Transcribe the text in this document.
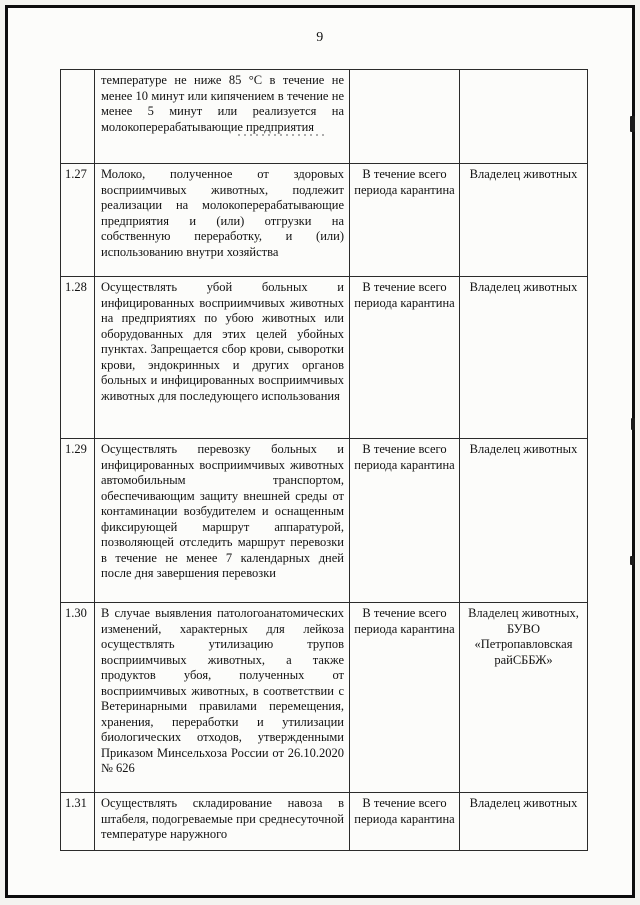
9
	температуре не ниже 85 °С в течение не менее 10 минут или кипячением в течение не менее 5 минут или реализуется на молокоперерабатывающие предприятия		
1.27	Молоко, полученное от здоровых восприимчивых животных, подлежит реализации на молокоперерабатывающие предприятия и (или) отгрузки на собственную переработку, и (или) использованию внутри хозяйства	В течение всего периода карантина	Владелец животных
1.28	Осуществлять убой больных и инфицированных восприимчивых животных на предприятиях по убою животных или оборудованных для этих целей убойных пунктах. Запрещается сбор крови, сыворотки крови, эндокринных и других органов больных и инфицированных восприимчивых животных для последующего использования	В течение всего периода карантина	Владелец животных
1.29	Осуществлять перевозку больных и инфицированных восприимчивых животных автомобильным транспортом, обеспечивающим защиту внешней среды от контаминации возбудителем и оснащенным фиксирующей маршрут аппаратурой, позволяющей отследить маршрут перевозки в течение не менее 7 календарных дней после дня завершения перевозки	В течение всего периода карантина	Владелец животных
1.30	В случае выявления патологоанатомических изменений, характерных для лейкоза осуществлять утилизацию трупов восприимчивых животных, а также продуктов убоя, полученных от восприимчивых животных, в соответствии с Ветеринарными правилами перемещения, хранения, переработки и утилизации биологических отходов, утвержденными Приказом Минсельхоза России от 26.10.2020 № 626	В течение всего периода карантина	Владелец животных, БУВО «Петропавловская райСББЖ»
1.31	Осуществлять складирование навоза в штабеля, подогреваемые при среднесуточной температуре наружного	В течение всего периода карантина	Владелец животных
